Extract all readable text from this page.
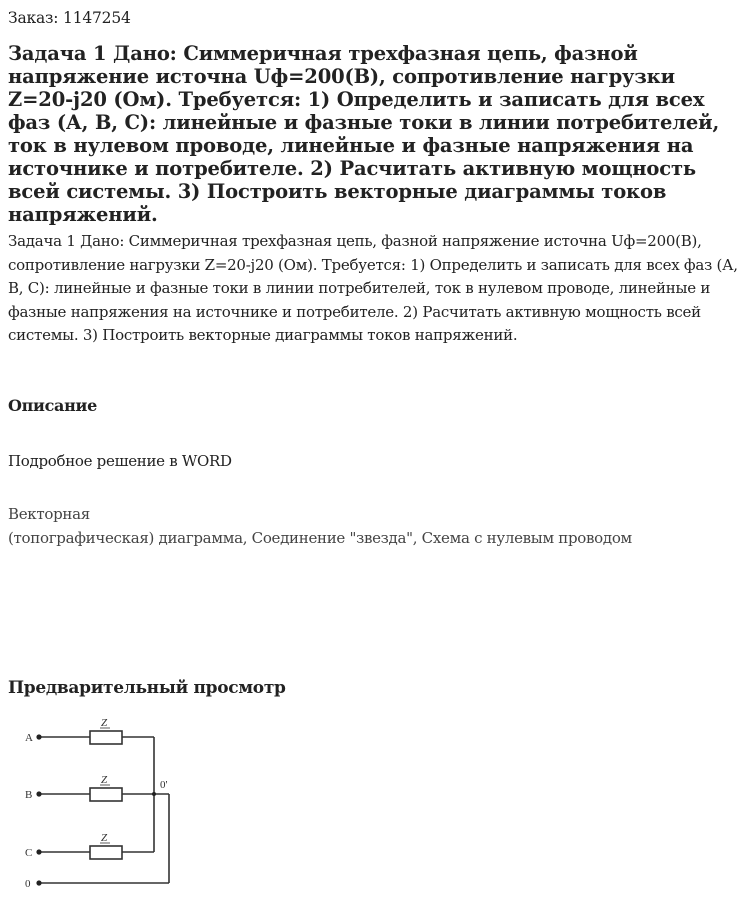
Заказ: 1147254
Задача 1 Дано: Симмеричная трехфазная цепь, фазной напряжение источна Uф=200(В), сопротивление нагрузки Z=20-j20 (Ом). Требуется: 1) Определить и записать для всех фаз (А, В, С): линейные и фазные токи в линии потребителей, ток в нулевом проводе, линейные и фазные напряжения на источнике и потребителе. 2) Расчитать активную мощность всей системы. 3) Построить векторные диаграммы токов напряжений.
Задача 1 Дано: Симмеричная трехфазная цепь, фазной напряжение источна Uф=200(В), сопротивление нагрузки Z=20-j20 (Ом). Требуется: 1) Определить и записать для всех фаз (А, В, С): линейные и фазные токи в линии потребителей, ток в нулевом проводе, линейные и фазные напряжения на источнике и потребителе. 2) Расчитать активную мощность всей системы. 3) Построить векторные диаграммы токов напряжений.
Описание
Подробное решение в WORD
Векторная
(топографическая) диаграмма, Соединение "звезда", Схема с нулевым проводом
Предварительный просмотр
A
B
C
0
Z
Z
Z
0'
